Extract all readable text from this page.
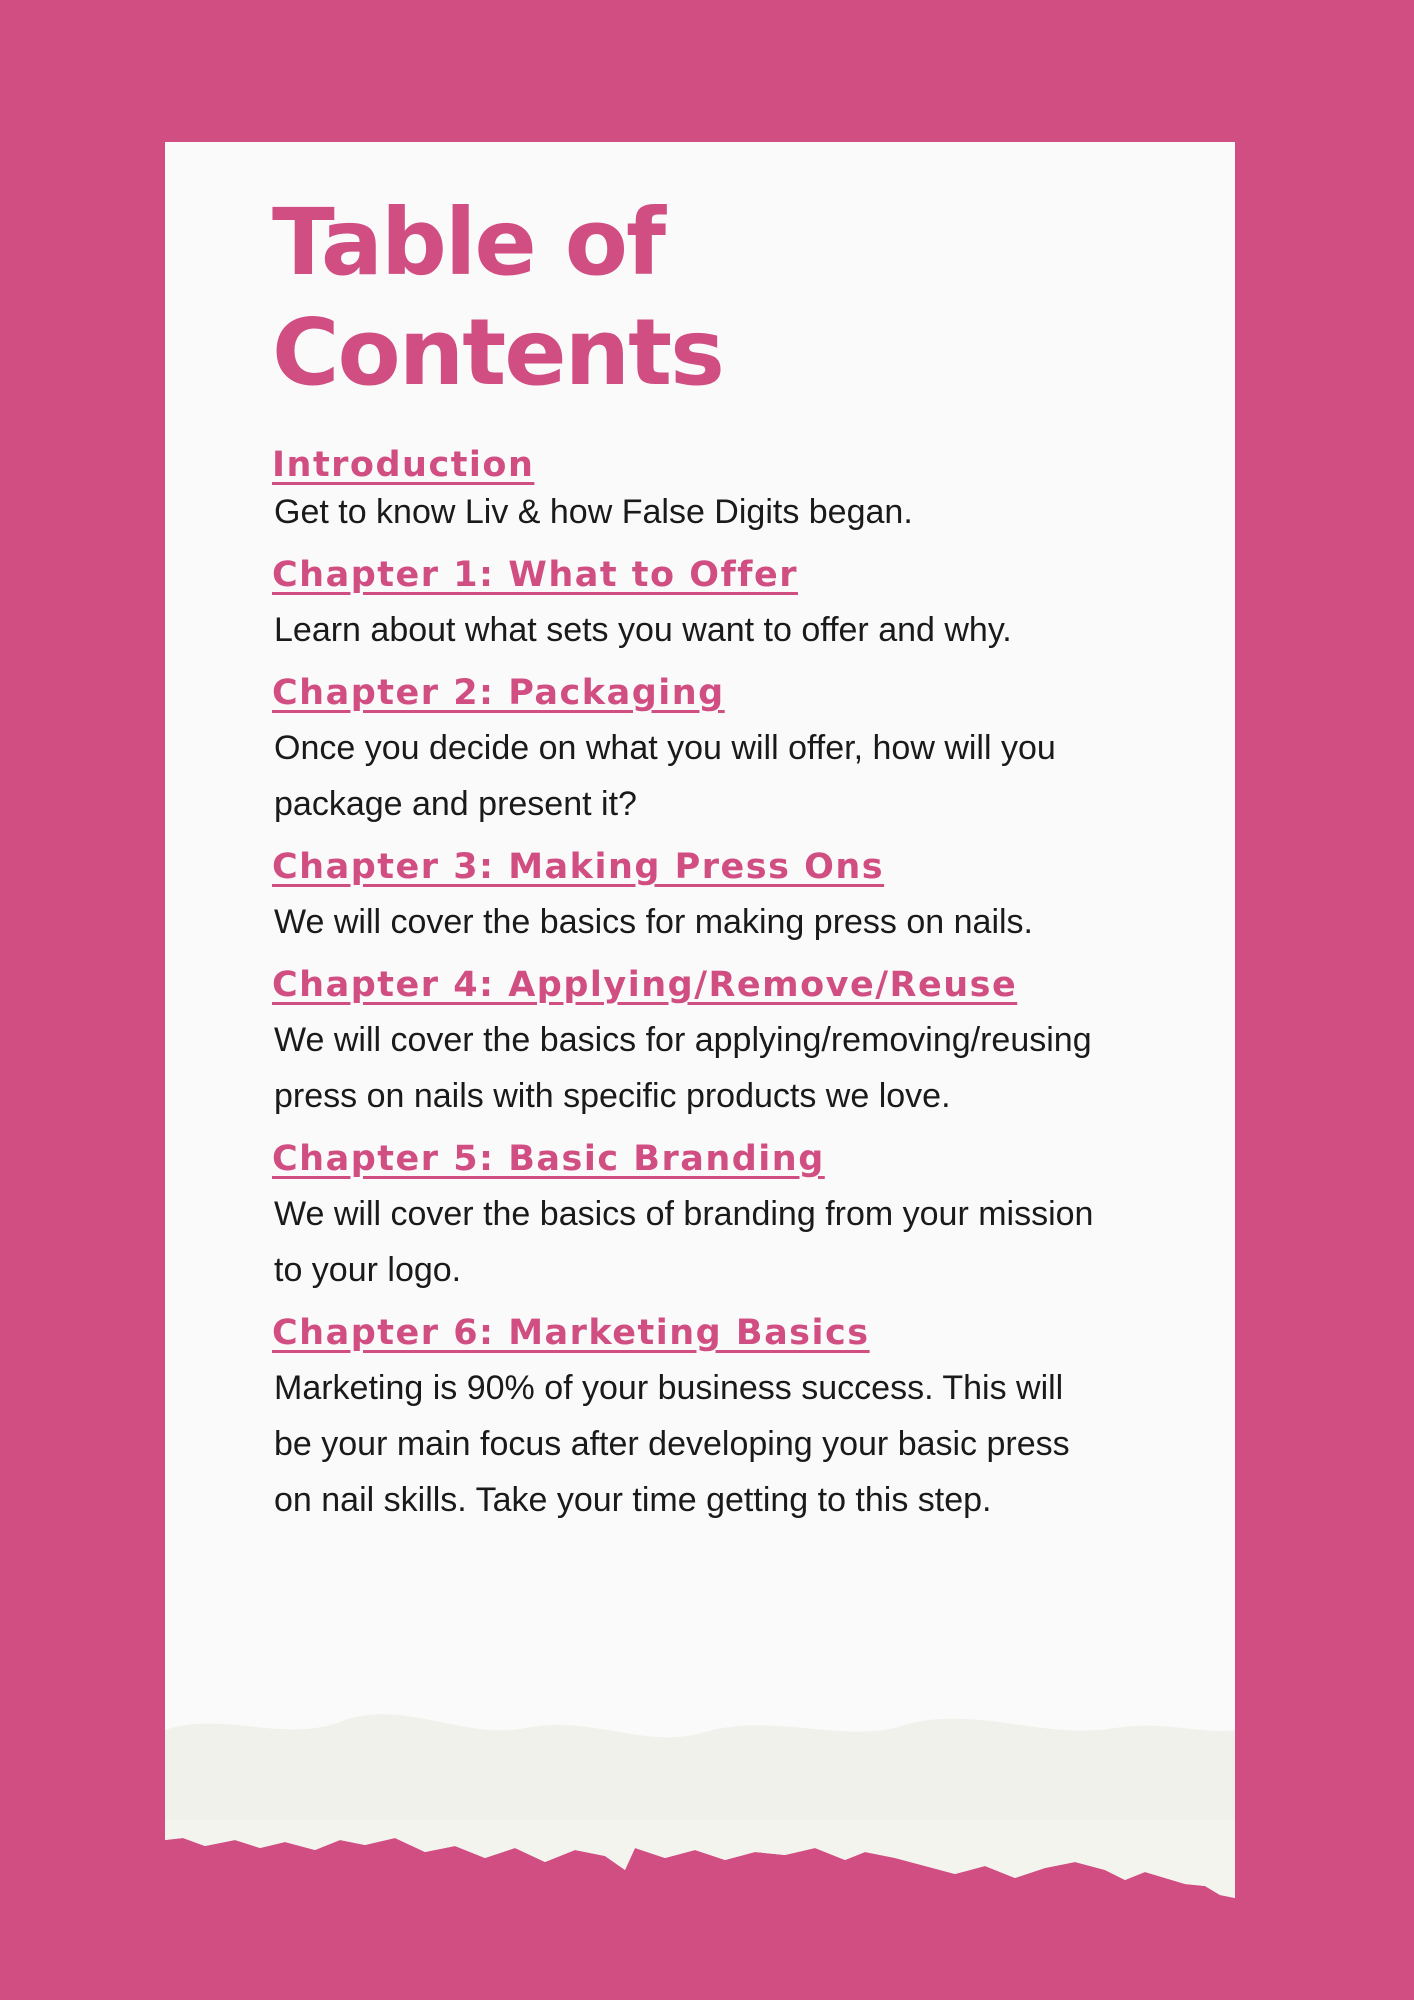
Table of Contents
Introduction
Get to know Liv & how False Digits began.
Chapter 1: What to Offer
Learn about what sets you want to offer and why.
Chapter 2: Packaging
Once you decide on what you will offer, how will you package and present it?
Chapter 3: Making Press Ons
We will cover the basics for making press on nails.
Chapter 4: Applying/Remove/Reuse
We will cover the basics for applying/removing/reusing press on nails with specific products we love.
Chapter 5: Basic Branding
We will cover the basics of branding from your mission to your logo.
Chapter 6: Marketing Basics
Marketing is 90% of your business success. This will be your main focus after developing your basic press on nail skills. Take your time getting to this step.
